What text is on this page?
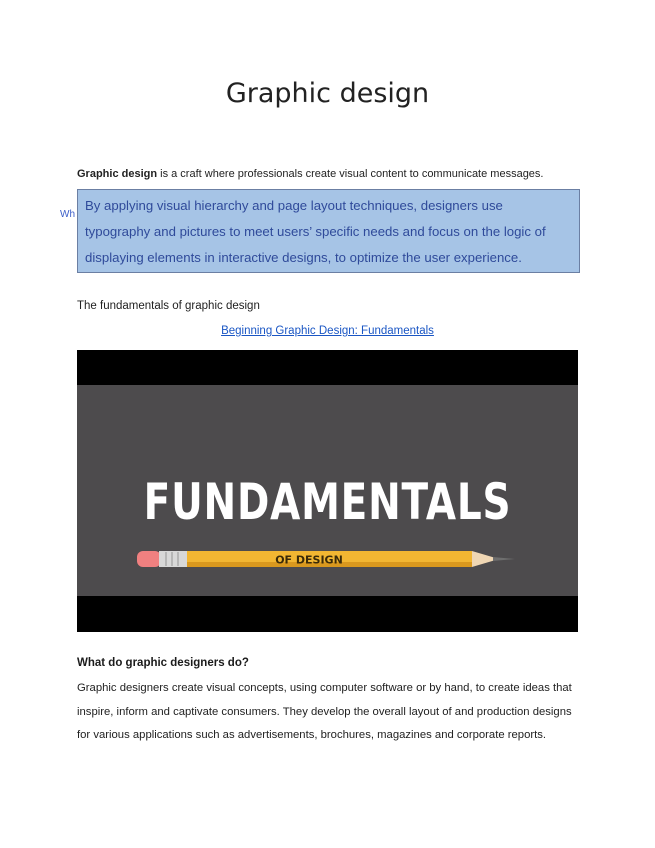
Graphic design
Graphic design is a craft where professionals create visual content to communicate messages.
Wh
By applying visual hierarchy and page layout techniques, designers use typography and pictures to meet users’ specific needs and focus on the logic of displaying elements in interactive designs, to optimize the user experience.
The fundamentals of graphic design
Beginning Graphic Design: Fundamentals
FUNDAMENTALS
OF DESIGN
What do graphic designers do?
Graphic designers create visual concepts, using computer software or by hand, to create ideas that inspire, inform and captivate consumers. They develop the overall layout of and production designs for various applications such as advertisements, brochures, magazines and corporate reports.
